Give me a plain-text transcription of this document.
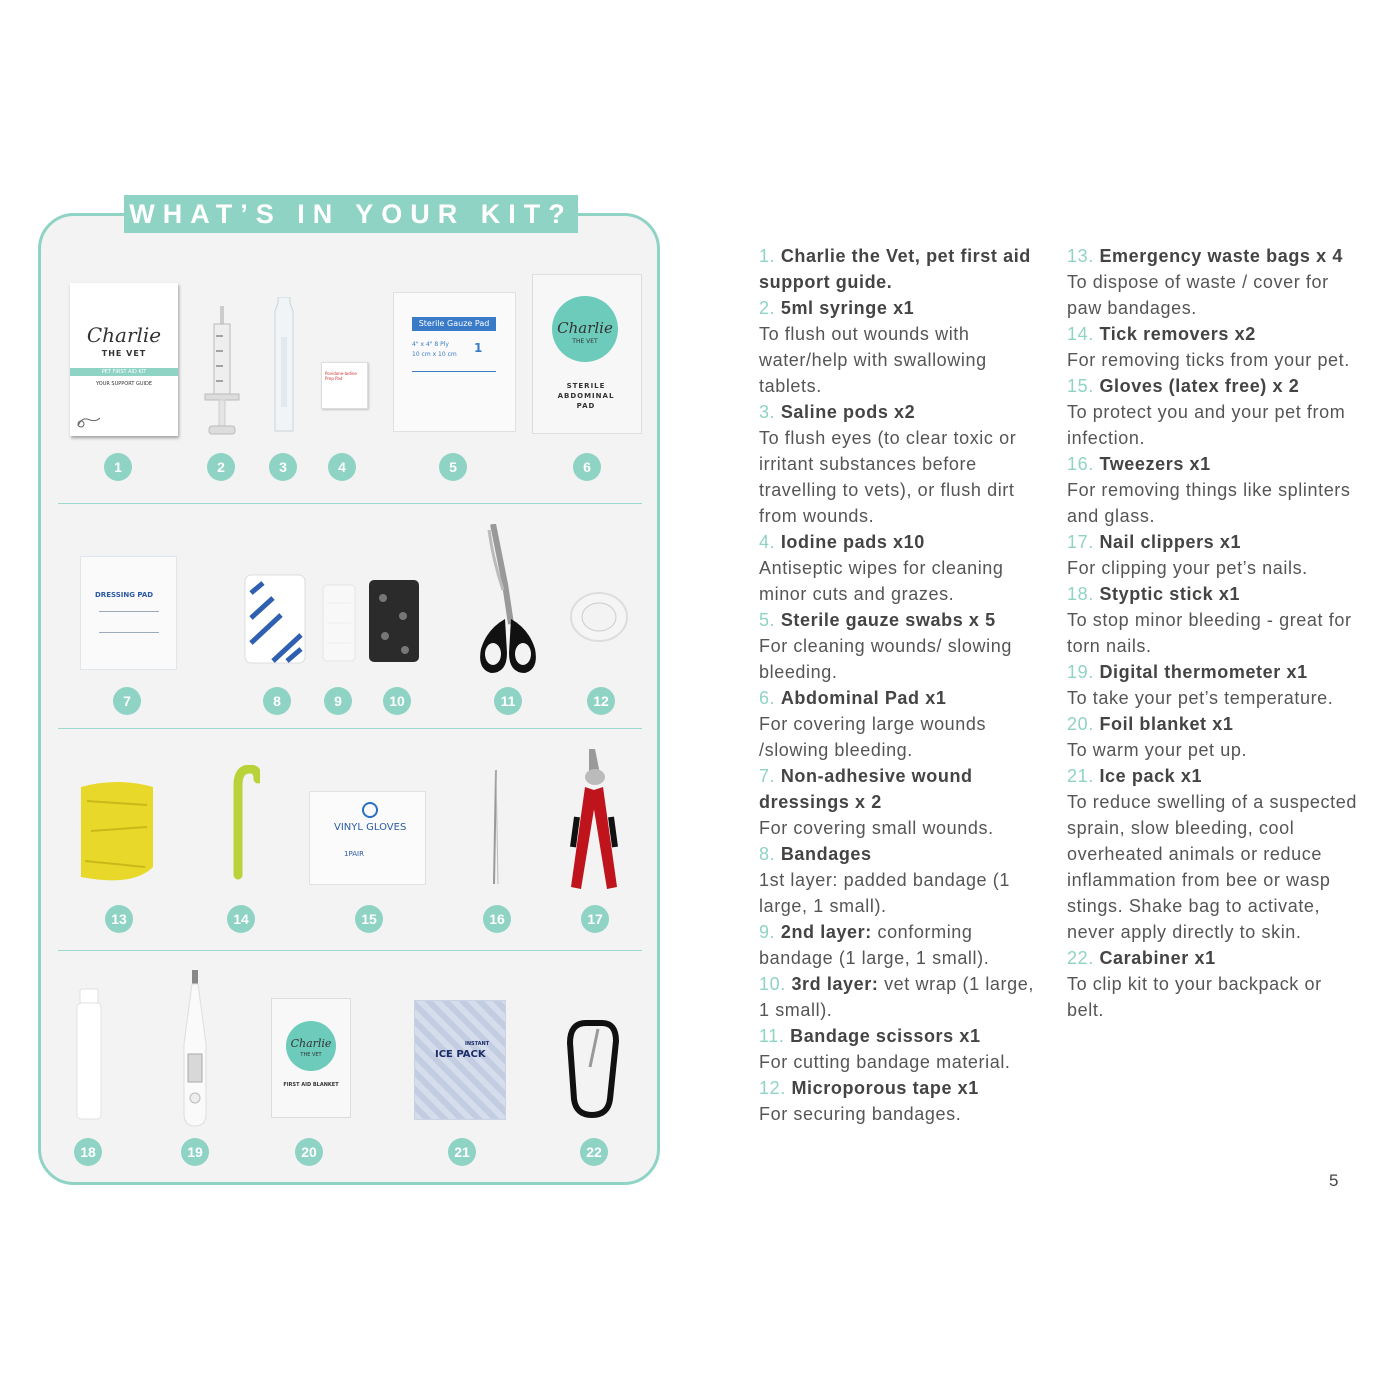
WHAT’S IN YOUR KIT?
Charlie
THE VET
PET FIRST AID KIT
YOUR SUPPORT GUIDE
Povidone-Iodine Prep Pad
Sterile Gauze Pad
4" x 4" 8 Ply
10 cm x 10 cm 1
Charlie
THE VET
STERILE ABDOMINAL PAD
DRESSING PAD
VINYL GLOVES
1PAIR
Charlie
THE VET
FIRST AID BLANKET
INSTANT
ICE PACK
1	2	3	4	5	6
7	8	9	10	11	12
13	14	15	16	17
18	19	20	21	22

1. Charlie the Vet, pet first aid support guide.

2. 5ml syringe x1
To flush out wounds with water/help with swallowing tablets.

3. Saline pods x2
To flush eyes (to clear toxic or irritant substances before travelling to vets), or flush dirt from wounds.

4. Iodine pads x10
Antiseptic wipes for cleaning minor cuts and grazes.

5. Sterile gauze swabs x 5
For cleaning wounds/ slowing bleeding.

6. Abdominal Pad x1
For covering large wounds /slowing bleeding.

7. Non-adhesive wound dressings x 2
For covering small wounds.

8. Bandages

1st layer: padded bandage (1 large, 1 small).

9. 2nd layer: conforming bandage (1 large, 1 small).

10. 3rd layer: vet wrap (1 large, 1 small).

11. Bandage scissors x1
For cutting bandage material.

12. Microporous tape x1
For securing bandages.

13. Emergency waste bags x 4
To dispose of waste / cover for paw bandages.

14. Tick removers x2
For removing ticks from your pet.

15. Gloves (latex free) x 2
To protect you and your pet from infection.

16. Tweezers x1
For removing things like splinters and glass.

17. Nail clippers x1
For clipping your pet’s nails.

18. Styptic stick x1
To stop minor bleeding - great for torn nails.

19. Digital thermometer x1
To take your pet’s temperature.

20. Foil blanket x1
To warm your pet up.

21. Ice pack x1
To reduce swelling of a suspected sprain, slow bleeding, cool overheated animals or reduce inflammation from bee or wasp stings. Shake bag to activate, never apply directly to skin.

22. Carabiner x1
To clip kit to your backpack or belt.

5
